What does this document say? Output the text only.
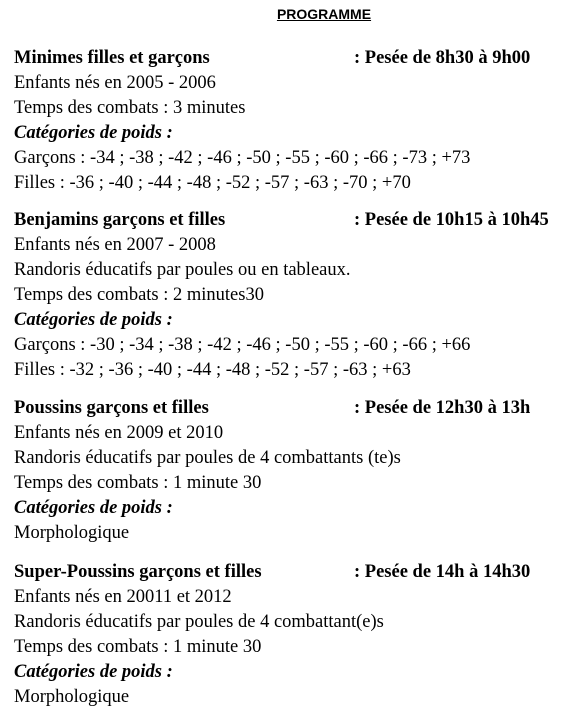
PROGRAMME
Minimes filles et garçons	: Pesée de 8h30 à 9h00
Enfants nés en 2005 - 2006
Temps des combats : 3 minutes
Catégories de poids :
Garçons : -34 ; -38 ; -42 ; -46 ; -50 ; -55 ; -60 ; -66 ; -73 ; +73
Filles : -36 ; -40 ; -44 ; -48 ; -52 ; -57 ; -63 ; -70 ; +70
Benjamins garçons et filles	: Pesée de 10h15 à 10h45
Enfants nés en 2007 - 2008
Randoris éducatifs par poules ou en tableaux.
Temps des combats : 2 minutes30
Catégories de poids :
Garçons : -30 ; -34 ; -38 ; -42 ; -46 ; -50 ; -55 ; -60 ; -66 ; +66
Filles : -32 ; -36 ; -40 ; -44 ; -48 ; -52 ; -57 ; -63 ; +63
Poussins garçons et filles	: Pesée de 12h30 à 13h
Enfants nés en 2009 et 2010
Randoris éducatifs par poules de 4 combattants (te)s
Temps des combats : 1 minute 30
Catégories de poids :
Morphologique
Super-Poussins garçons et filles	: Pesée de 14h à 14h30
Enfants nés en 20011 et 2012
Randoris éducatifs par poules de 4 combattant(e)s
Temps des combats : 1 minute 30
Catégories de poids :
Morphologique
